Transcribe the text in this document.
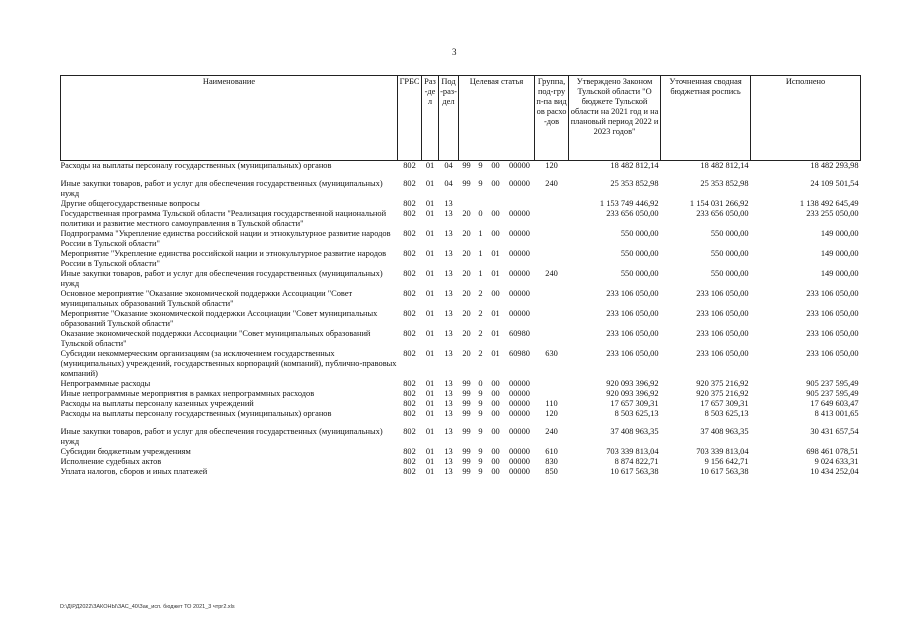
3
Наименование	ГРБС	Раз-дел	Под-раз-дел	Целевая статья				Группа, под-груп-па видов расхо-дов	Утверждено Законом Тульской области "О бюджете Тульской области на 2021 год и на плановый период 2022 и 2023 годов"	Уточненная сводная бюджетная роспись	Исполнено
Расходы на выплаты персоналу государственных (муниципальных) органов	802	01	04	99	9	00	00000	120	18 482 812,14	18 482 812,14	18 482 293,98
Иные закупки товаров, работ и услуг для обеспечения государственных (муниципальных) нужд	802	01	04	99	9	00	00000	240	25 353 852,98	25 353 852,98	24 109 501,54
Другие общегосударственные вопросы	802	01	13						1 153 749 446,92	1 154 031 266,92	1 138 492 645,49
Государственная программа Тульской области "Реализация государственной национальной политики и развитие местного самоуправления в Тульской области"	802	01	13	20	0	00	00000		233 656 050,00	233 656 050,00	233 255 050,00
Подпрограмма "Укрепление единства российской нации и этнокультурное развитие народов России в Тульской области"	802	01	13	20	1	00	00000		550 000,00	550 000,00	149 000,00
Мероприятие "Укрепление единства российской нации и этнокультурное развитие народов России в Тульской области"	802	01	13	20	1	01	00000		550 000,00	550 000,00	149 000,00
Иные закупки товаров, работ и услуг для обеспечения государственных (муниципальных) нужд	802	01	13	20	1	01	00000	240	550 000,00	550 000,00	149 000,00
Основное мероприятие "Оказание экономической поддержки Ассоциации "Совет муниципальных образований Тульской области"	802	01	13	20	2	00	00000		233 106 050,00	233 106 050,00	233 106 050,00
Мероприятие "Оказание экономической поддержки Ассоциации "Совет муниципальных образований Тульской области"	802	01	13	20	2	01	00000		233 106 050,00	233 106 050,00	233 106 050,00
Оказание экономической поддержки Ассоциации "Совет муниципальных образований Тульской области"	802	01	13	20	2	01	60980		233 106 050,00	233 106 050,00	233 106 050,00
Субсидии некоммерческим организациям (за исключением государственных (муниципальных) учреждений, государственных корпораций (компаний), публично-правовых компаний)	802	01	13	20	2	01	60980	630	233 106 050,00	233 106 050,00	233 106 050,00
Непрограммные расходы	802	01	13	99	0	00	00000		920 093 396,92	920 375 216,92	905 237 595,49
Иные непрограммные мероприятия в рамках непрограммных расходов	802	01	13	99	9	00	00000		920 093 396,92	920 375 216,92	905 237 595,49
Расходы на выплаты персоналу казенных учреждений	802	01	13	99	9	00	00000	110	17 657 309,31	17 657 309,31	17 649 603,47
Расходы на выплаты персоналу государственных (муниципальных) органов	802	01	13	99	9	00	00000	120	8 503 625,13	8 503 625,13	8 413 001,65
Иные закупки товаров, работ и услуг для обеспечения государственных (муниципальных) нужд	802	01	13	99	9	00	00000	240	37 408 963,35	37 408 963,35	30 431 657,54
Субсидии бюджетным учреждениям	802	01	13	99	9	00	00000	610	703 339 813,04	703 339 813,04	698 461 078,51
Исполнение судебных актов	802	01	13	99	9	00	00000	830	8 874 822,71	9 156 642,71	9 024 633,31
Уплата налогов, сборов и иных платежей	802	01	13	99	9	00	00000	850	10 617 563,38	10 617 563,38	10 434 252,04
D:\Д\РД2022\ЗАКОНЫ\ЗАС_40\Зак_исп. бюджет ТО 2021_3 чтрг2.xls
